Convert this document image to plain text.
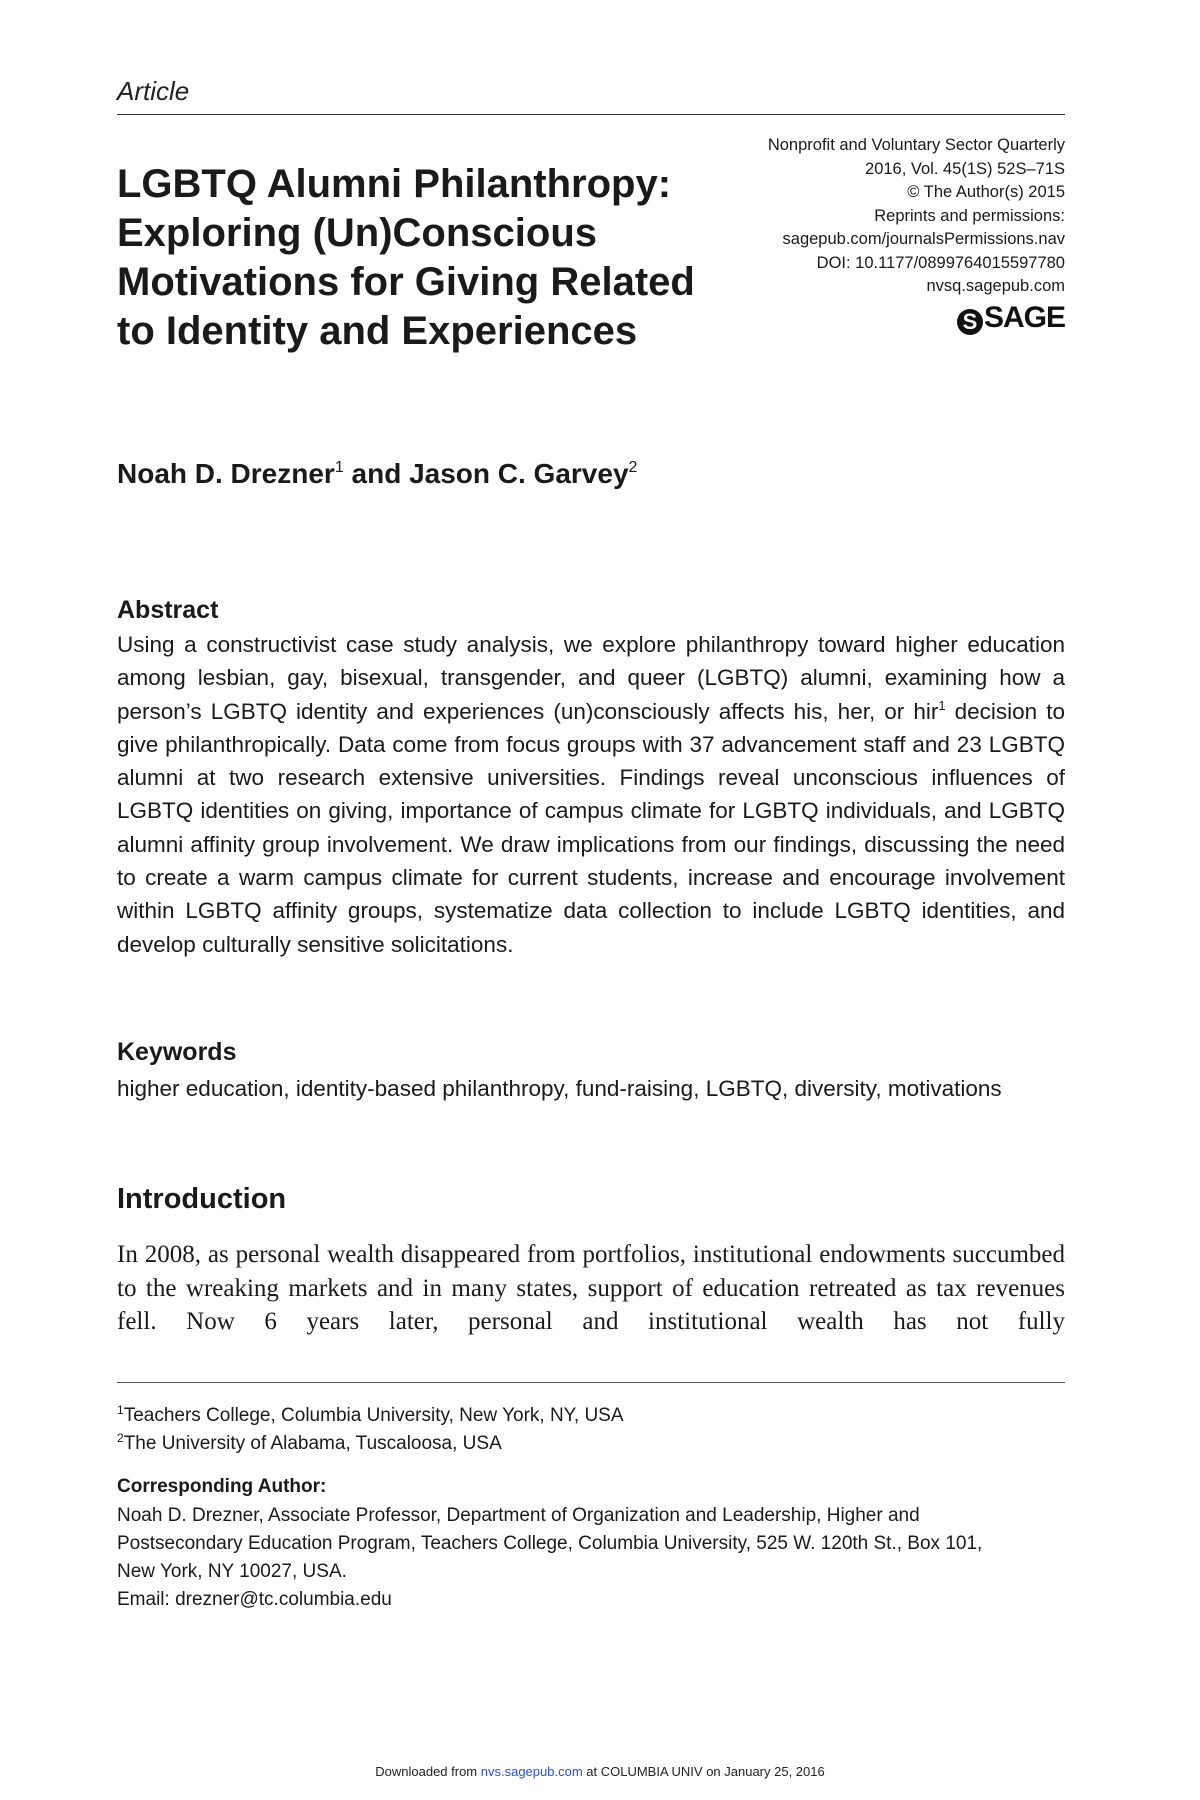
Article
LGBTQ Alumni Philanthropy:
Exploring (Un)Conscious
Motivations for Giving Related
to Identity and Experiences
Nonprofit and Voluntary Sector Quarterly
2016, Vol. 45(1S) 52S–71S
© The Author(s) 2015
Reprints and permissions:
sagepub.com/journalsPermissions.nav
DOI: 10.1177/0899764015597780
nvsq.sagepub.com
S SAGE
Noah D. Drezner$^1$ and Jason C. Garvey$^2$
Abstract
Using a constructivist case study analysis, we explore philanthropy toward higher education among lesbian, gay, bisexual, transgender, and queer (LGBTQ) alumni, examining how a person’s LGBTQ identity and experiences (un)consciously affects his, her, or hir$^1$ decision to give philanthropically. Data come from focus groups with 37 advancement staff and 23 LGBTQ alumni at two research extensive universities. Findings reveal unconscious influences of LGBTQ identities on giving, importance of campus climate for LGBTQ individuals, and LGBTQ alumni affinity group involvement. We draw implications from our findings, discussing the need to create a warm campus climate for current students, increase and encourage involvement within LGBTQ affinity groups, systematize data collection to include LGBTQ identities, and develop culturally sensitive solicitations.
Keywords
higher education, identity-based philanthropy, fund-raising, LGBTQ, diversity, motivations
Introduction
In 2008, as personal wealth disappeared from portfolios, institutional endowments succumbed to the wreaking markets and in many states, support of education retreated as tax revenues fell. Now 6 years later, personal and institutional wealth has not fully
$^1$Teachers College, Columbia University, New York, NY, USA
$^2$The University of Alabama, Tuscaloosa, USA
Corresponding Author:
Noah D. Drezner, Associate Professor, Department of Organization and Leadership, Higher and
Postsecondary Education Program, Teachers College, Columbia University, 525 W. 120th St., Box 101,
New York, NY 10027, USA.
Email: drezner@tc.columbia.edu
Downloaded from nvs.sagepub.com at COLUMBIA UNIV on January 25, 2016
